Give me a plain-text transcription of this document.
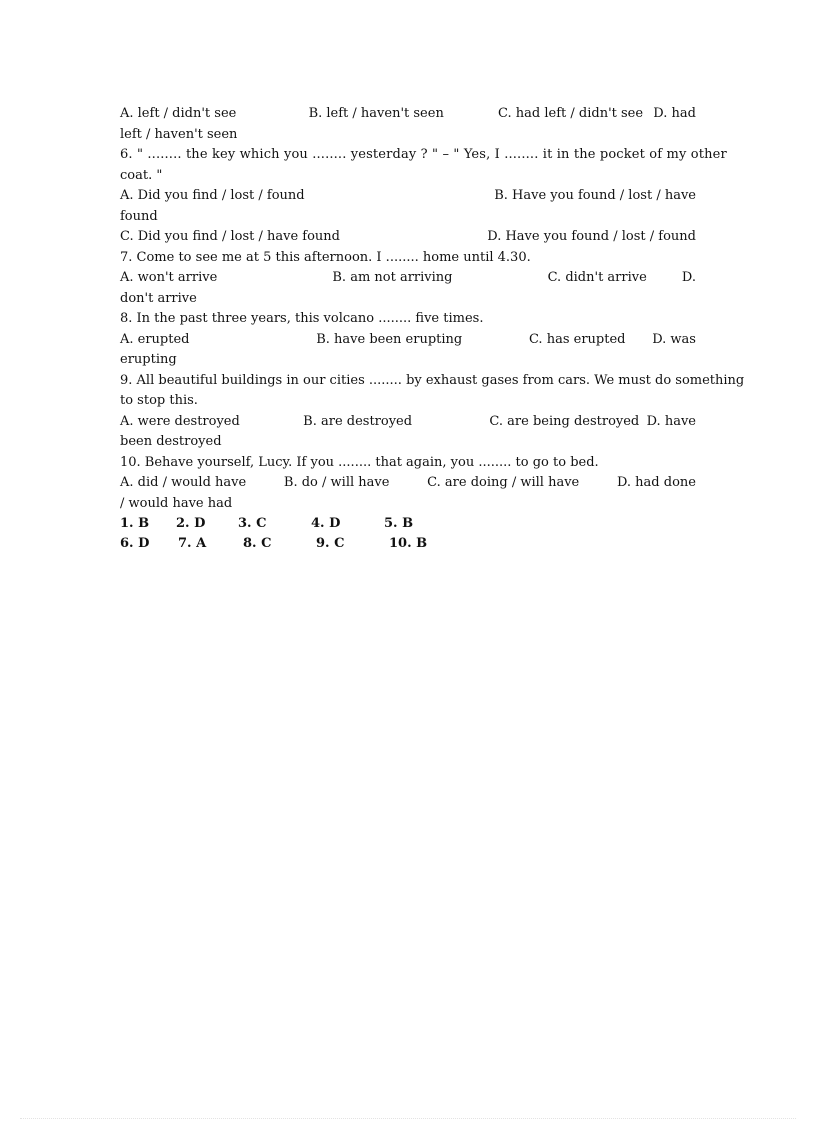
A. left / didn't see	B. left / haven't seen	C. had left / didn't see D. had
left / haven't seen
6. " ........ the key which you ........ yesterday ? " – " Yes, I ........ it in the pocket of my other
coat. "
A. Did you find / lost / found	B. Have you found / lost / have
found
C. Did you find / lost / have found	D. Have you found / lost / found
7. Come to see me at 5 this afternoon. I ........ home until 4.30.
A. won't arrive	B. am not arriving	C. didn't arrive	D.
don't arrive
8. In the past three years, this volcano ........ five times.
A. erupted	B. have been erupting	C. has erupted D. was
erupting
9. All beautiful buildings in our cities ........ by exhaust gases from cars. We must do something
to stop this.
A. were destroyed	B. are destroyed	C. are being destroyed D. have
been destroyed
10. Behave yourself, Lucy. If you ........ that again, you ........ to go to bed.
A. did / would have	B. do / will have	C. are doing / will have	D. had done
/ would have had
1. B	2. D	3. C	4. D	5. B
6. D	7. A	8. C	9. C	10. B
